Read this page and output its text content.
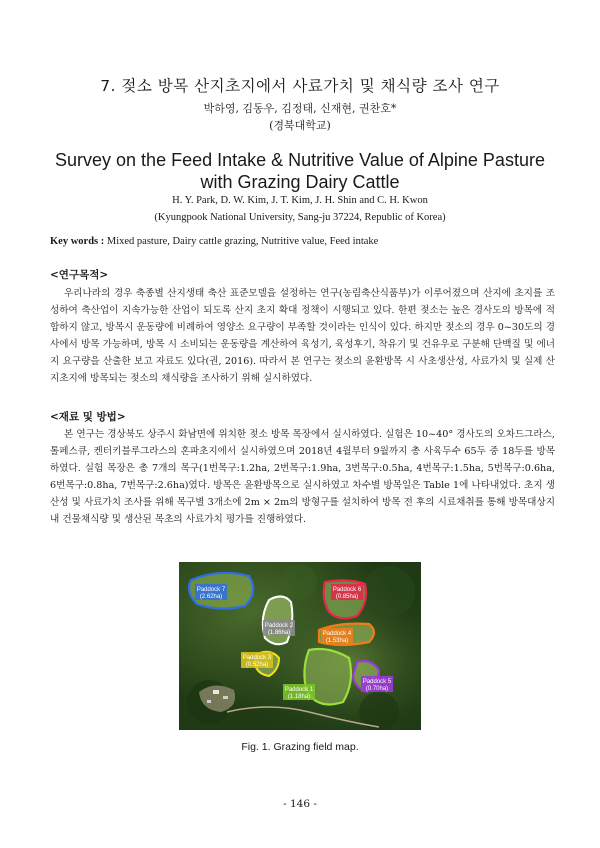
7. 젖소 방목 산지초지에서 사료가치 및 채식량 조사 연구
박하영, 김동우, 김정태, 신재현, 권찬호*
(경북대학교)
Survey on the Feed Intake & Nutritive Value of Alpine Pasture with Grazing Dairy Cattle
H. Y. Park, D. W. Kim, J. T. Kim, J. H. Shin and C. H. Kwon
(Kyungpook National University, Sang-ju 37224, Republic of Korea)
Key words : Mixed pasture, Dairy cattle grazing, Nutritive value, Feed intake
<연구목적>

우리나라의 경우 축종별 산지생태 축산 표준모델을 설정하는 연구(농림축산식품부)가 이루어졌으며 산지에 초지를 조성하여 축산업이 지속가능한 산업이 되도록 산지 초지 확대 정책이 시행되고 있다. 한편 젖소는 높은 경사도의 방목에 적합하지 않고, 방목시 운동량에 비례하여 영양소 요구량이 부족할 것이라는 인식이 있다. 하지만 젖소의 경우 0~30도의 경사에서 방목 가능하며, 방목 시 소비되는 운동량을 계산하여 육성기, 육성후기, 착유기 및 건유우로 구분해 단백질 및 에너지 요구량을 산출한 보고 자료도 있다(권, 2016). 따라서 본 연구는 젖소의 윤환방목 시 사초생산성, 사료가치 및 실제 산지초지에 방목되는 젖소의 채식량을 조사하기 위해 실시하였다.

<재료 및 방법>

본 연구는 경상북도 상주시 화남면에 위치한 젖소 방목 목장에서 실시하였다. 실험은 10~40° 경사도의 오차드그라스, 톨페스큐, 켄터키블루그라스의 혼파초지에서 실시하였으며 2018년 4월부터 9월까지 총 사육두수 65두 중 18두를 방목하였다. 실험 목장은 총 7개의 목구(1번목구:1.2ha, 2번목구:1.9ha, 3번목구:0.5ha, 4번목구:1.5ha, 5번목구:0.6ha, 6번목구:0.8ha, 7번목구:2.6ha)였다. 방목은 윤환방목으로 실시하였고 차수별 방목일은 Table 1에 나타내었다. 초지 생산성 및 사료가치 조사를 위해 목구별 3개소에 2m × 2m의 방형구를 설치하여 방목 전 후의 시료채취를 통해 방목대상지 내 건물채식량 및 생산된 목초의 사료가치 평가를 진행하였다.

Paddock 7
(2.62ha)
Paddock 6
(0.85ha)
Paddock 2
(1.86ha)	Paddock 4
(1.53ha)
Paddock 3
(0.52ha)
Paddock 1
(1.18ha)
Paddock 5
(0.70ha)
Fig. 1. Grazing field map.
- 146 -
